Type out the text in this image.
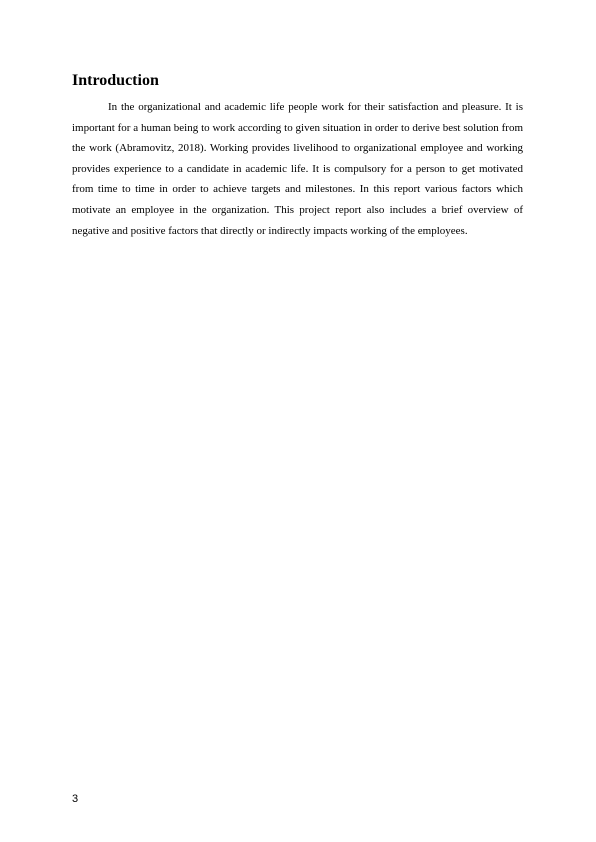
Introduction

In the organizational and academic life people work for their satisfaction and pleasure. It is important for a human being to work according to given situation in order to derive best solution from the work (Abramovitz, 2018). Working provides livelihood to organizational employee and working provides experience to a candidate in academic life. It is compulsory for a person to get motivated from time to time in order to achieve targets and milestones. In this report various factors which motivate an employee in the organization. This project report also includes a brief overview of negative and positive factors that directly or indirectly impacts working of the employees.

3
